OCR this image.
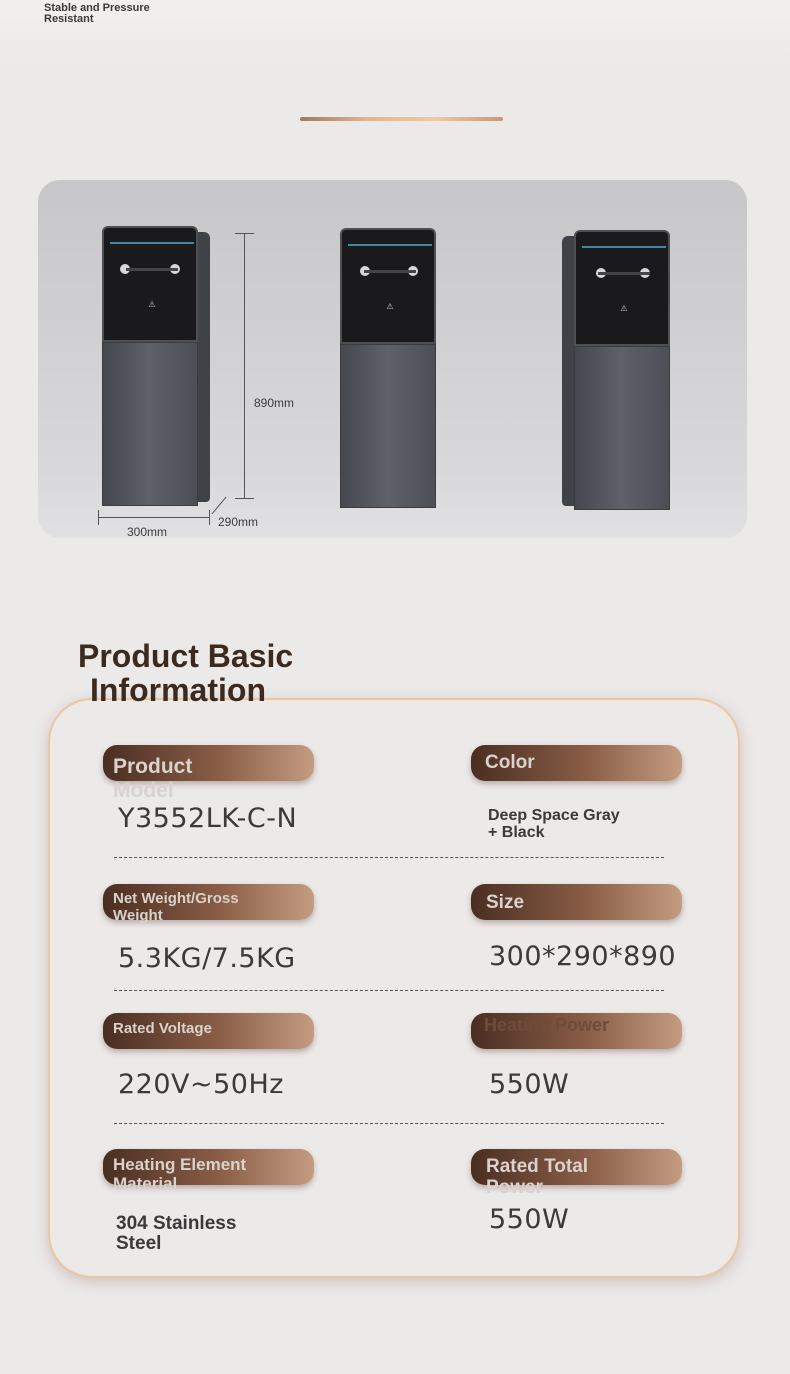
Stable and Pressure
Resistant
⚠	⚠	⚠
890mm
300mm
290mm
Product Basic
Information
Product
Model
Y3552LK-C-N
Color
Deep Space Gray
+ Black
Net Weight/Gross
Weight
5.3KG/7.5KG
Size
300*290*890
Rated Voltage
220V~50Hz
Heating Power
550W
Heating Element
Material
304 Stainless
Steel
Rated Total
Power
550W
